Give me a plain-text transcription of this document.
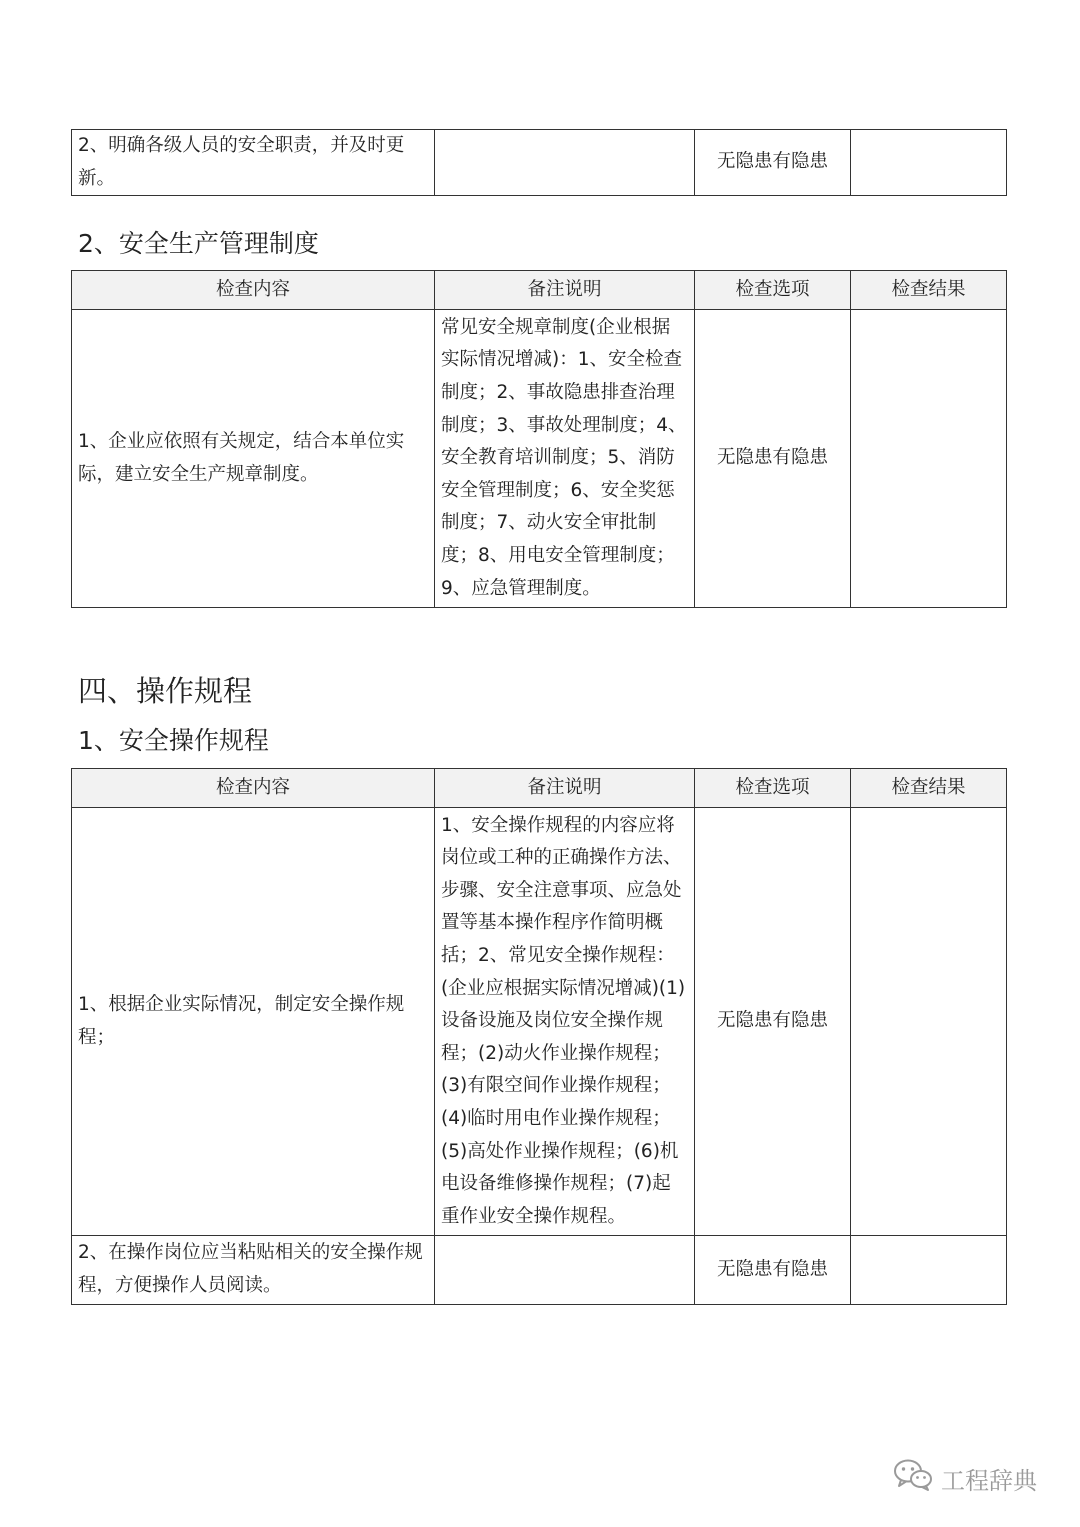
2、明确各级人员的安全职责，并及时更新。		无隐患有隐患	
2、安全生产管理制度
检查内容	备注说明	检查选项	检查结果
1、企业应依照有关规定，结合本单位实际，建立安全生产规章制度。	常见安全规章制度(企业根据实际情况增减)：1、安全检查制度；2、事故隐患排查治理制度；3、事故处理制度；4、安全教育培训制度；5、消防安全管理制度；6、安全奖惩制度；7、动火安全审批制度；8、用电安全管理制度；9、应急管理制度。	无隐患有隐患	
四、操作规程
1、安全操作规程
检查内容	备注说明	检查选项	检查结果
1、根据企业实际情况，制定安全操作规程；	1、安全操作规程的内容应将岗位或工种的正确操作方法、步骤、安全注意事项、应急处置等基本操作程序作简明概括；2、常见安全操作规程：(企业应根据实际情况增减)(1)设备设施及岗位安全操作规程；(2)动火作业操作规程；(3)有限空间作业操作规程；(4)临时用电作业操作规程；(5)高处作业操作规程；(6)机电设备维修操作规程；(7)起重作业安全操作规程。	无隐患有隐患	
2、在操作岗位应当粘贴相关的安全操作规程，方便操作人员阅读。		无隐患有隐患	
工程辞典
